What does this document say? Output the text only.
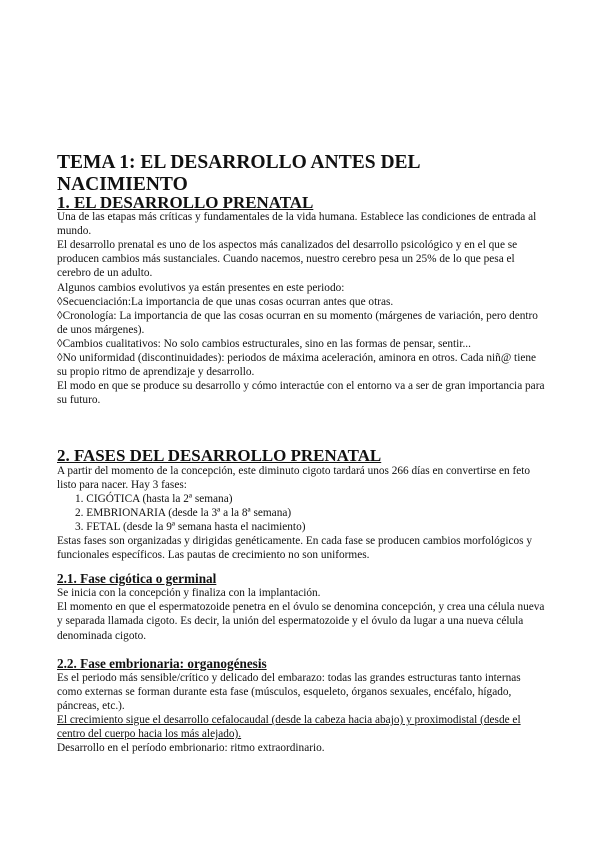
TEMA 1: EL DESARROLLO ANTES DEL NACIMIENTO
1. EL DESARROLLO PRENATAL

Una de las etapas más críticas y fundamentales de la vida humana. Establece las condiciones de entrada al mundo.

El desarrollo prenatal es uno de los aspectos más canalizados del desarrollo psicológico y en el que se producen cambios más sustanciales. Cuando nacemos, nuestro cerebro pesa un 25% de lo que pesa el cerebro de un adulto.

Algunos cambios evolutivos ya están presentes en este periodo:

◊Secuenciación:La importancia de que unas cosas ocurran antes que otras.

◊Cronología: La importancia de que las cosas ocurran en su momento (márgenes de variación, pero dentro de unos márgenes).

◊Cambios cualitativos: No solo cambios estructurales, sino en las formas de pensar, sentir...

◊No uniformidad (discontinuidades): periodos de máxima aceleración, aminora en otros. Cada niñ@ tiene su propio ritmo de aprendizaje y desarrollo.

El modo en que se produce su desarrollo y cómo interactúe con el entorno va a ser de gran importancia para su futuro.

2. FASES DEL DESARROLLO PRENATAL

A partir del momento de la concepción, este diminuto cigoto tardará unos 266 días en convertirse en feto listo para nacer. Hay 3 fases:

1. CIGÓTICA (hasta la 2ª semana)
2. EMBRIONARIA (desde la 3ª a la 8ª semana)
3. FETAL (desde la 9ª semana hasta el nacimiento)

Estas fases son organizadas y dirigidas genéticamente. En cada fase se producen cambios morfológicos y funcionales específicos. Las pautas de crecimiento no son uniformes.

2.1. Fase cigótica o germinal

Se inicia con la concepción y finaliza con la implantación.

El momento en que el espermatozoide penetra en el óvulo se denomina concepción, y crea una célula nueva y separada llamada cigoto. Es decir, la unión del espermatozoide y el óvulo da lugar a una nueva célula denominada cigoto.

2.2. Fase embrionaria: organogénesis

Es el periodo más sensible/crítico y delicado del embarazo: todas las grandes estructuras tanto internas como externas se forman durante esta fase (músculos, esqueleto, órganos sexuales, encéfalo, hígado, páncreas, etc.).

El crecimiento sigue el desarrollo cefalocaudal (desde la cabeza hacia abajo) y proximodistal (desde el centro del cuerpo hacia los más alejado).

Desarrollo en el período embrionario: ritmo extraordinario.
